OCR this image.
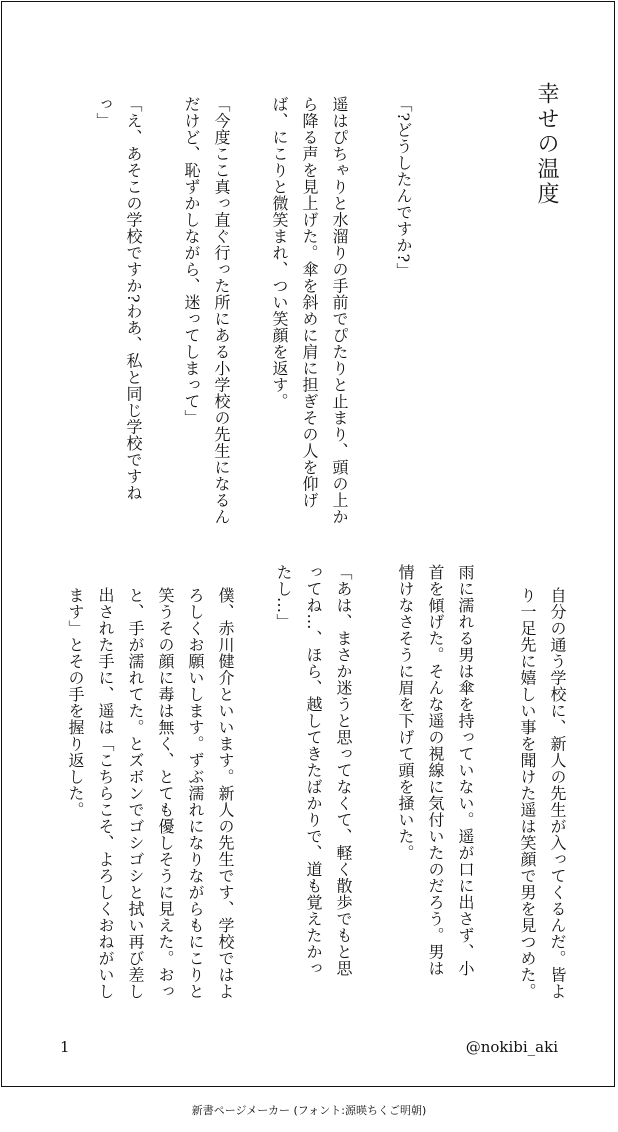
幸せの温度
「?どうしたんですか?」
遥はぴちゃりと水溜りの手前でぴたりと止まり、頭の上から降る声を見上げた。傘を斜めに肩に担ぎその人を仰げば、にこりと微笑まれ、つい笑顔を返す。
「今度ここ真っ直ぐ行った所にある小学校の先生になるんだけど、恥ずかしながら、迷ってしまって」
「え、あそこの学校ですか?わあ、私と同じ学校ですねっ」
自分の通う学校に、新人の先生が入ってくるんだ。皆より一足先に嬉しい事を聞けた遥は笑顔で男を見つめた。
雨に濡れる男は傘を持っていない。遥が口に出さず、小首を傾げた。そんな遥の視線に気付いたのだろう。男は情けなさそうに眉を下げて頭を掻いた。
「あは、まさか迷うと思ってなくて、軽く散歩でもと思ってね…、ほら、越してきたばかりで、道も覚えたかったし…」
僕、赤川健介といいます。新人の先生です、学校ではよろしくお願いします。ずぶ濡れになりながらもにこりと笑うその顔に毒は無く、とても優しそうに見えた。おっと、手が濡れてた。とズボンでゴシゴシと拭い再び差し出された手に、遥は「こちらこそ、よろしくおねがいします」とその手を握り返した。
1	@nokibi_aki
新書ページメーカー (フォント:源暎ちくご明朝)
